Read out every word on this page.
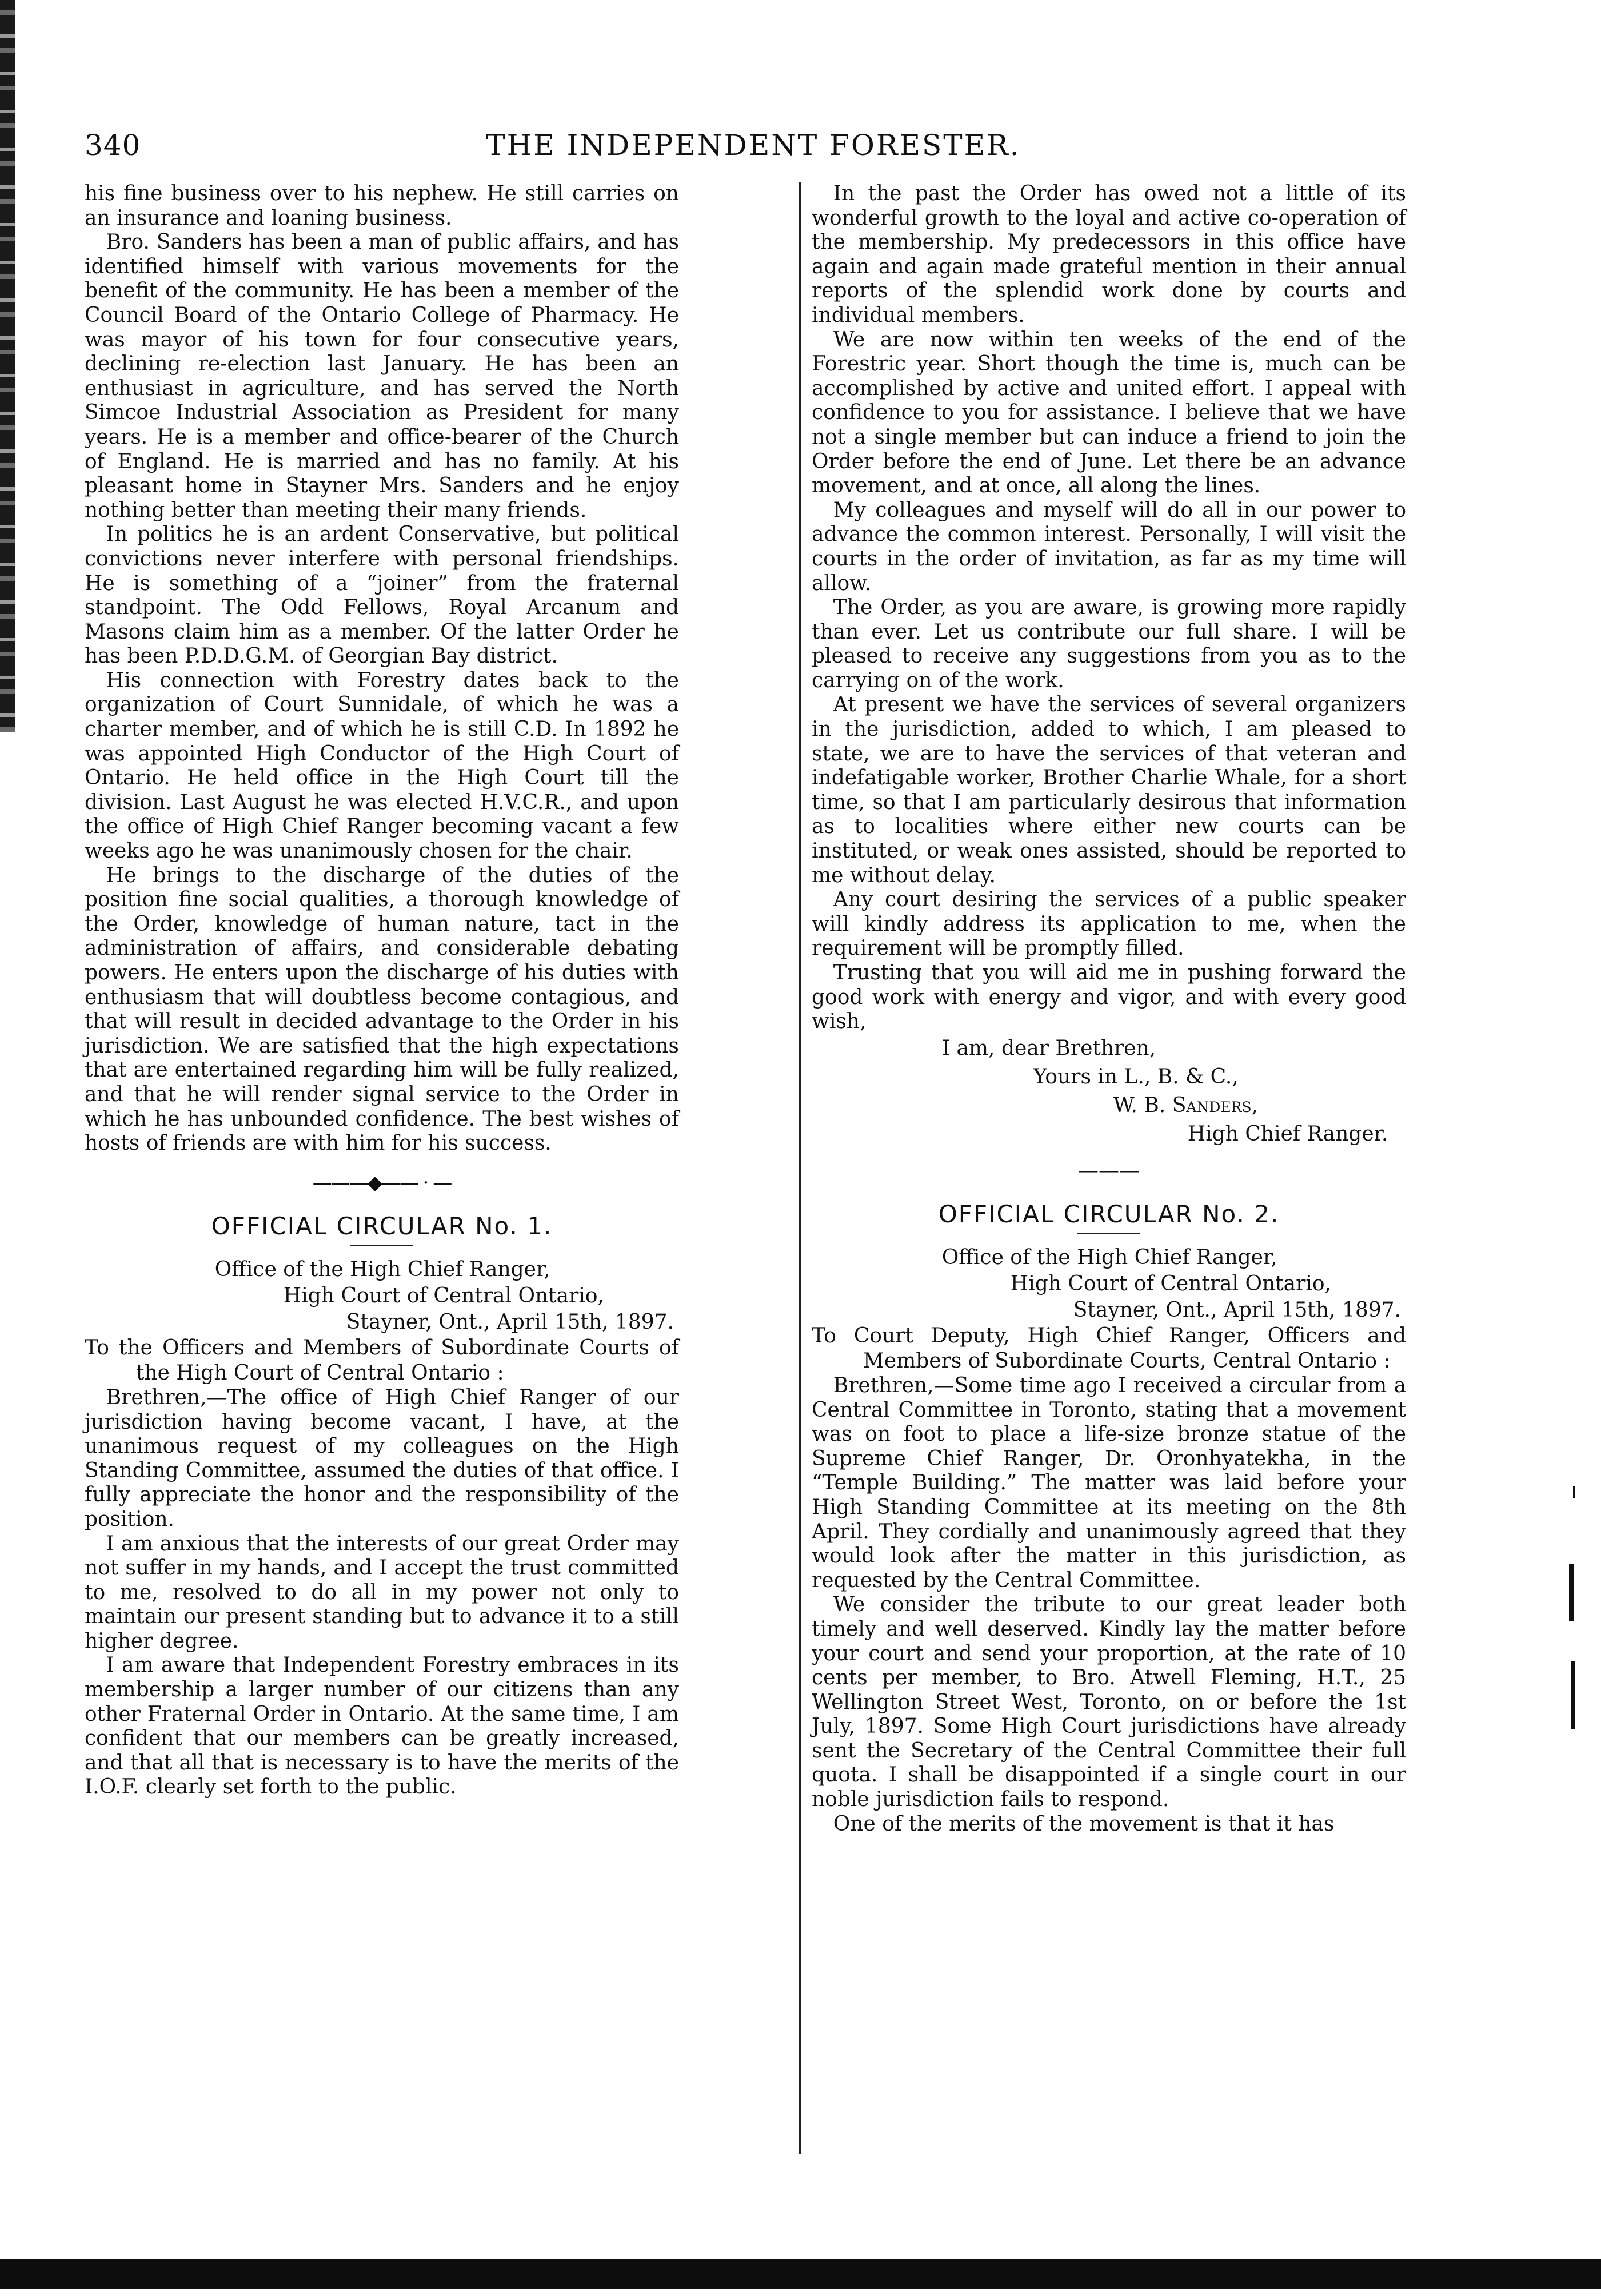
THE INDEPENDENT FORESTER.
340

his fine business over to his nephew. He still carries on an insurance and loaning business.

Bro. Sanders has been a man of public affairs, and has identified himself with various movements for the benefit of the community. He has been a member of the Council Board of the Ontario College of Pharmacy. He was mayor of his town for four consecutive years, declining re-election last January. He has been an enthusiast in agriculture, and has served the North Simcoe Industrial Association as President for many years. He is a member and office-bearer of the Church of England. He is married and has no family. At his pleasant home in Stayner Mrs. Sanders and he enjoy nothing better than meeting their many friends.

In politics he is an ardent Conservative, but political convictions never interfere with personal friendships. He is something of a “joiner” from the fraternal standpoint. The Odd Fellows, Royal Arcanum and Masons claim him as a member. Of the latter Order he has been P.D.D.G.M. of Georgian Bay district.

His connection with Forestry dates back to the organization of Court Sunnidale, of which he was a charter member, and of which he is still C.D. In 1892 he was appointed High Conductor of the High Court of Ontario. He held office in the High Court till the division. Last August he was elected H.V.C.R., and upon the office of High Chief Ranger becoming vacant a few weeks ago he was unanimously chosen for the chair.

He brings to the discharge of the duties of the position fine social qualities, a thorough knowledge of the Order, knowledge of human nature, tact in the administration of affairs, and considerable debating powers. He enters upon the discharge of his duties with enthusiasm that will doubtless become contagious, and that will result in decided advantage to the Order in his jurisdiction. We are satisfied that the high expectations that are entertained regarding him will be fully realized, and that he will render signal service to the Order in which he has unbounded confidence. The best wishes of hosts of friends are with him for his success.

———◆—— · —
OFFICIAL CIRCULAR No. 1.

Office of the High Chief Ranger,

High Court of Central Ontario,

Stayner, Ont., April 15th, 1897.

To the Officers and Members of Subordinate Courts of the High Court of Central Ontario :

Brethren,—The office of High Chief Ranger of our jurisdiction having become vacant, I have, at the unanimous request of my colleagues on the High Standing Committee, assumed the duties of that office. I fully appreciate the honor and the responsibility of the position.

I am anxious that the interests of our great Order may not suffer in my hands, and I accept the trust committed to me, resolved to do all in my power not only to maintain our present standing but to advance it to a still higher degree.

I am aware that Independent Forestry embraces in its membership a larger number of our citizens than any other Fraternal Order in Ontario. At the same time, I am confident that our members can be greatly increased, and that all that is necessary is to have the merits of the I.O.F. clearly set forth to the public.

In the past the Order has owed not a little of its wonderful growth to the loyal and active co-operation of the membership. My predecessors in this office have again and again made grateful mention in their annual reports of the splendid work done by courts and individual members.

We are now within ten weeks of the end of the Forestric year. Short though the time is, much can be accomplished by active and united effort. I appeal with confidence to you for assistance. I believe that we have not a single member but can induce a friend to join the Order before the end of June. Let there be an advance movement, and at once, all along the lines.

My colleagues and myself will do all in our power to advance the common interest. Personally, I will visit the courts in the order of invitation, as far as my time will allow.

The Order, as you are aware, is growing more rapidly than ever. Let us contribute our full share. I will be pleased to receive any suggestions from you as to the carrying on of the work.

At present we have the services of several organizers in the jurisdiction, added to which, I am pleased to state, we are to have the services of that veteran and indefatigable worker, Brother Charlie Whale, for a short time, so that I am particularly desirous that information as to localities where either new courts can be instituted, or weak ones assisted, should be reported to me without delay.

Any court desiring the services of a public speaker will kindly address its application to me, when the requirement will be promptly filled.

Trusting that you will aid me in pushing forward the good work with energy and vigor, and with every good wish,

I am, dear Brethren,

Yours in L., B. & C.,

W. B. Sanders,

High Chief Ranger.

———
OFFICIAL CIRCULAR No. 2.

Office of the High Chief Ranger,

High Court of Central Ontario,

Stayner, Ont., April 15th, 1897.

To Court Deputy, High Chief Ranger, Officers and Members of Subordinate Courts, Central Ontario :

Brethren,—Some time ago I received a circular from a Central Committee in Toronto, stating that a movement was on foot to place a life-size bronze statue of the Supreme Chief Ranger, Dr. Oronhyatekha, in the “Temple Building.” The matter was laid before your High Standing Committee at its meeting on the 8th April. They cordially and unanimously agreed that they would look after the matter in this jurisdiction, as requested by the Central Committee.

We consider the tribute to our great leader both timely and well deserved. Kindly lay the matter before your court and send your proportion, at the rate of 10 cents per member, to Bro. Atwell Fleming, H.T., 25 Wellington Street West, Toronto, on or before the 1st July, 1897. Some High Court jurisdictions have already sent the Secretary of the Central Committee their full quota. I shall be disappointed if a single court in our noble jurisdiction fails to respond.

One of the merits of the movement is that it has
